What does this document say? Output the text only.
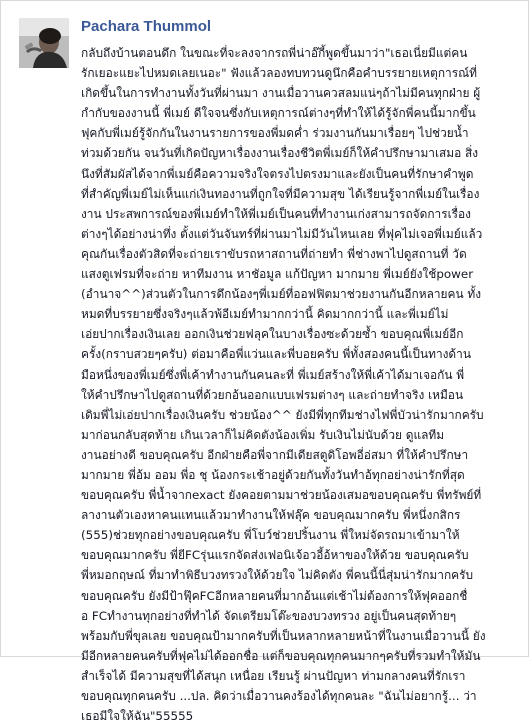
Pachara Thummol
กลับถึงบ้านตอนดึก ในขณะที่จะลงจากรถพี่น่าอ๊กี้พูดขึ้นมาว่า"เธอเนี่ยมีแต่คน
รักเยอะแยะไปหมดเลยเนอะ" ฟังแล้วลองทบทวนดูนึกคือคำบรรยายเหตุการณ์ที่
เกิดขึ้นในการทำงานทั้งวันที่ผ่านมา งานเมื่อวานควสลมแน่ๆถ้าไม่มีคนทุกฝ่าย ผู้
กำกับของงานนี้ พี่เมย์ ดีใจจนซึ่งกับเหตุการณ์ต่างๆที่ทำให้ได้รู้จักพี่คนนี้มากขึ้น
ฟุคกับพี่เมย์รู้จักกันในงานรายการของพี่มดค่ำ ร่วมงานกันมาเรื่อยๆ ไปช่วยน้ำ
ท่วมด้วยกัน จนวันที่เกิดปัญหาเรื่องงานเรื่องชีวิตพี่เมย์ก็ให้คำปรึกษามาเสมอ สิ่ง
นึงที่สัมผัสได้จากพี่เมย์คือความจริงใจตรงไปตรงมาและยังเป็นคนที่รักษาคำพูด
ที่สำคัญพี่เมย์ไม่เห็นแก่เงินทองานที่ถูกใจที่มีความสุข ได้เรียนรู้จากพี่เมย์ในเรื่อง
งาน ประสพการณ์ของพี่เมย์ทำให้พี่เมย์เป็นคนที่ทำงานเก่งสามารถจัดการเรื่อง
ต่างๆได้อย่างน่าทึ่ง ตั้งแต่วันจันทร์ที่ผ่านมาไม่มีวันไหนเลย ที่ฟุคไม่เจอพี่เมย์แล้ว
คุณกันเรื่องตัวสิดที่จะถ่ายเราขับรถหาสถานที่ถ่ายทำ พี่ช่างพาไปดูสถานที่ วัด
แสงตูเฟรมที่จะถ่าย หาทีมงาน หาชัอมูล แก้ปัญหา มากมาย พี่เมย์ยังใช้power
(อำนาจ^^)ส่วนตัวในการดึกน้องๆพี่เมย์ที่ออฟฟิตมาช่วยงานกันอีกหลายคน ทั้ง
หมดที่บรรยายซึ่งจริงๆแล้วพ้อีเมย์ทำมากกว่านี้ คิดมากกว่านี้ และพี่เมย์ไม่
เอ่ยปากเรื่องเงินเลย ออกเงินช่วยฟลุคในบางเรื่องซะด้วยซ้ำ ขอบคุณพี่เมย์อีก
ครั้ง(กราบสวยๆครับ) ต่อมาคือพี่แว่นและพี่บอยครับ พี่ทั้งสองคนนี้เป็นทางด้าน
มือหนึ่งของพี่เมย์ซึ่งพี่เค้าทำงานกันคนละที่ พี่เมย์สร้างให้พี่เค้าได้มาเจอกัน พี่
ให้คำปรึกษาไปดูสถานที่ด้วยกอ้นออกแบบเฟรมต่างๆ และถ่ายทำจริง เหมือน
เดิมพี่ไม่เอ่ยปากเรื่องเงินครับ ช่วยน้อง^^ ยังมีพี่ทุกทีมช่างไฟพี่บัวน่ารักมากครับ
มาก่อนกลับสุดท้าย เกินเวลาก็ไม่คิดตังน้องเพิ่ม รับเงินไม่นับด้วย ดูแลทีม
งานอย่างดี ขอบคุณครับ อีกฝ่ายคือพี่จากมีเดียสตูดิโอพอี่อ่สมา ที่ให้คำปรึกษา
มากมาย พี่อ้ม ออม พี่อ ชุ น้องกระเช้าอยู่ด้วยกันทั้งวันทำอ้ทุกอย่างน่ารักที่สุด
ขอบคุณครับ พี่น้ำจากexact ยังคอยตามมาช่วยน้องเสมอขอบคุณครับ พี่ทรัพย์ที่
ลางานตัวเองหาคนแทนแล้วมาทำงานให้ฟลุ๊ค ขอบคุณมากครับ พี่หนึ่งกสิกร
(555)ช่วยทุกอย่างขอบคุณครับ พี่โบว์ช่วยปริ้นงาน พี่ใหม่จัดรถมาเข้ามาให้
ขอบคุณมากครับ พี่ยีFCรุ่นแรกจัดส่งเฟอนิเจ้อวอี้อ้หาของให้ด้วย ขอบคุณครับ
พี่หมอกฤษณ์ ที่มาทำพิธีบวงทรวงให้ด้วยใจ ไม่คิดตัง พี่คนนี้นี่สุ่มน่ารักมากครับ
ขอบคุณครับ ยังมีป้าฟุ๊คFCอีกหลายคนที่มากอ้นแต่เช้าไม่ต้องการให้ฟุคออกชื่
อ FCทำงานทุกอย่างที่ทำได้ จัดเตรียมโต๊ะของบวงทรวง อยู่เป็นคนสุดท้ายๆ
พร้อมกับพี่ขุลเลย ขอบคุณป้ามากครับที่เป็นหลากหลายหน้าที่ในงานเมื่อวานนี้ ยัง
มีอีกหลายคนครับที่ฟุคไม่ได้ออกชื่อ แต่ก็ขอบคุณทุกคนมากๆครับที่รวมทำให้มัน
สำเร็จได้ มีความสุขที่ได้สนุก เหนื่อย เรียนรู้ ผ่านปัญหา ท่ามกลางคนที่รักเรา
ขอบคุณทุกคนครับ ...ปล. คิดว่าเมื่อวานคงร้องได้ทุกคนละ "ฉันไม่อยากรู้... ว่า
เธอมีใจให้ฉัน"55555
